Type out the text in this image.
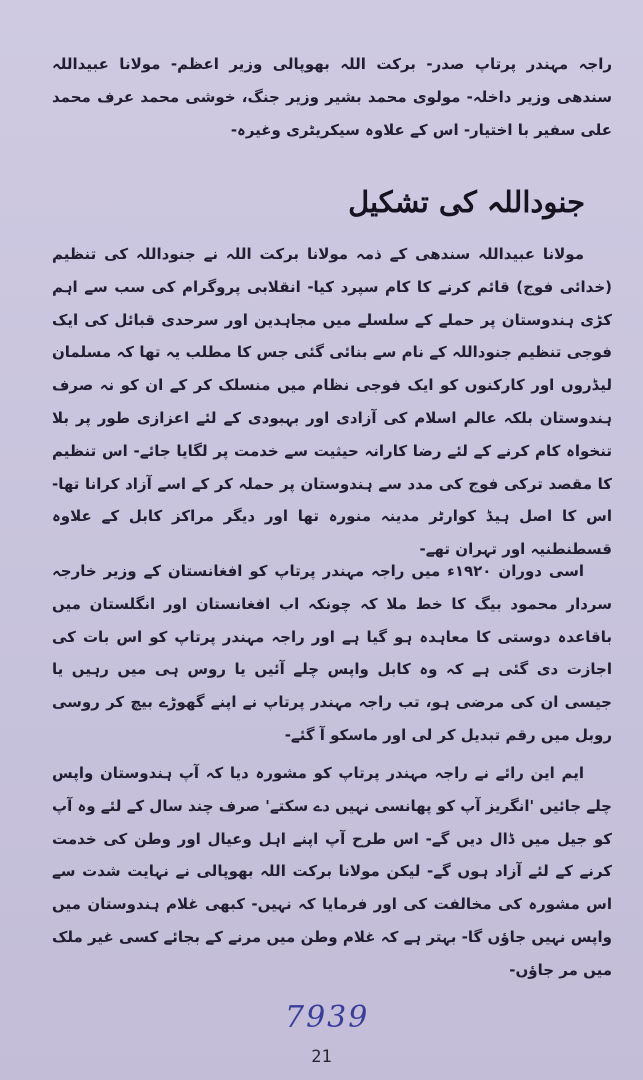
راجہ مہندر پرتاپ صدر- برکت اللہ بھوپالی وزیر اعظم- مولانا عبیداللہ سندھی وزیر داخلہ- مولوی محمد بشیر وزیر جنگ، خوشی محمد عرف محمد علی سفیر با اختیار- اس کے علاوہ سیکریٹری وغیرہ-

جنوداللہ کی تشکیل

مولانا عبیداللہ سندھی کے ذمہ مولانا برکت اللہ نے جنوداللہ کی تنظیم (خدائی فوج) قائم کرنے کا کام سپرد کیا- انقلابی پروگرام کی سب سے اہم کڑی ہندوستان پر حملے کے سلسلے میں مجاہدین اور سرحدی قبائل کی ایک فوجی تنظیم جنوداللہ کے نام سے بنائی گئی جس کا مطلب یہ تھا کہ مسلمان لیڈروں اور کارکنوں کو ایک فوجی نظام میں منسلک کر کے ان کو نہ صرف ہندوستان بلکہ عالم اسلام کی آزادی اور بہبودی کے لئے اعزازی طور پر بلا تنخواہ کام کرنے کے لئے رضا کارانہ حیثیت سے خدمت پر لگایا جائے- اس تنظیم کا مقصد ترکی فوج کی مدد سے ہندوستان پر حملہ کر کے اسے آزاد کرانا تھا- اس کا اصل ہیڈ کوارٹر مدینہ منورہ تھا اور دیگر مراکز کابل کے علاوہ قسطنطنیہ اور تہران تھے-

اسی دوران ۱۹۲۰ء میں راجہ مہندر پرتاپ کو افغانستان کے وزیر خارجہ سردار محمود بیگ کا خط ملا کہ چونکہ اب افغانستان اور انگلستان میں باقاعدہ دوستی کا معاہدہ ہو گیا ہے اور راجہ مہندر پرتاپ کو اس بات کی اجازت دی گئی ہے کہ وہ کابل واپس چلے آئیں یا روس ہی میں رہیں یا جیسی ان کی مرضی ہو، تب راجہ مہندر پرتاپ نے اپنے گھوڑے بیچ کر روسی روبل میں رقم تبدیل کر لی اور ماسکو آ گئے-

ایم این رائے نے راجہ مہندر پرتاپ کو مشورہ دیا کہ آپ ہندوستان واپس چلے جائیں 'انگریز آپ کو پھانسی نہیں دے سکتے' صرف چند سال کے لئے وہ آپ کو جیل میں ڈال دیں گے- اس طرح آپ اپنے اہل وعیال اور وطن کی خدمت کرنے کے لئے آزاد ہوں گے- لیکن مولانا برکت اللہ بھوپالی نے نہایت شدت سے اس مشورہ کی مخالفت کی اور فرمایا کہ نہیں- کبھی غلام ہندوستان میں واپس نہیں جاؤں گا- بہتر ہے کہ غلام وطن میں مرنے کے بجائے کسی غیر ملک میں مر جاؤں-

7939
21
